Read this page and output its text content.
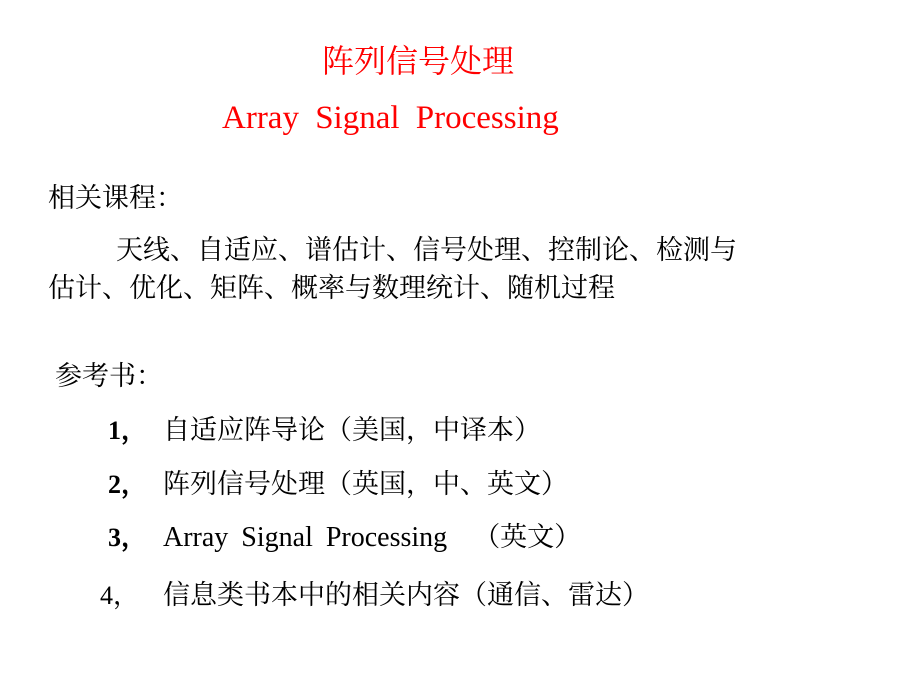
阵列信号处理
Array Signal Processing
相关课程：
天线、自适应、谱估计、信号处理、控制论、检测与
估计、优化、矩阵、概率与数理统计、随机过程
参考书：
1， 自适应阵导论（美国，中译本）
2， 阵列信号处理（英国，中、英文）
3， Array Signal Processing （英文）
4， 信息类书本中的相关内容（通信、雷达）
